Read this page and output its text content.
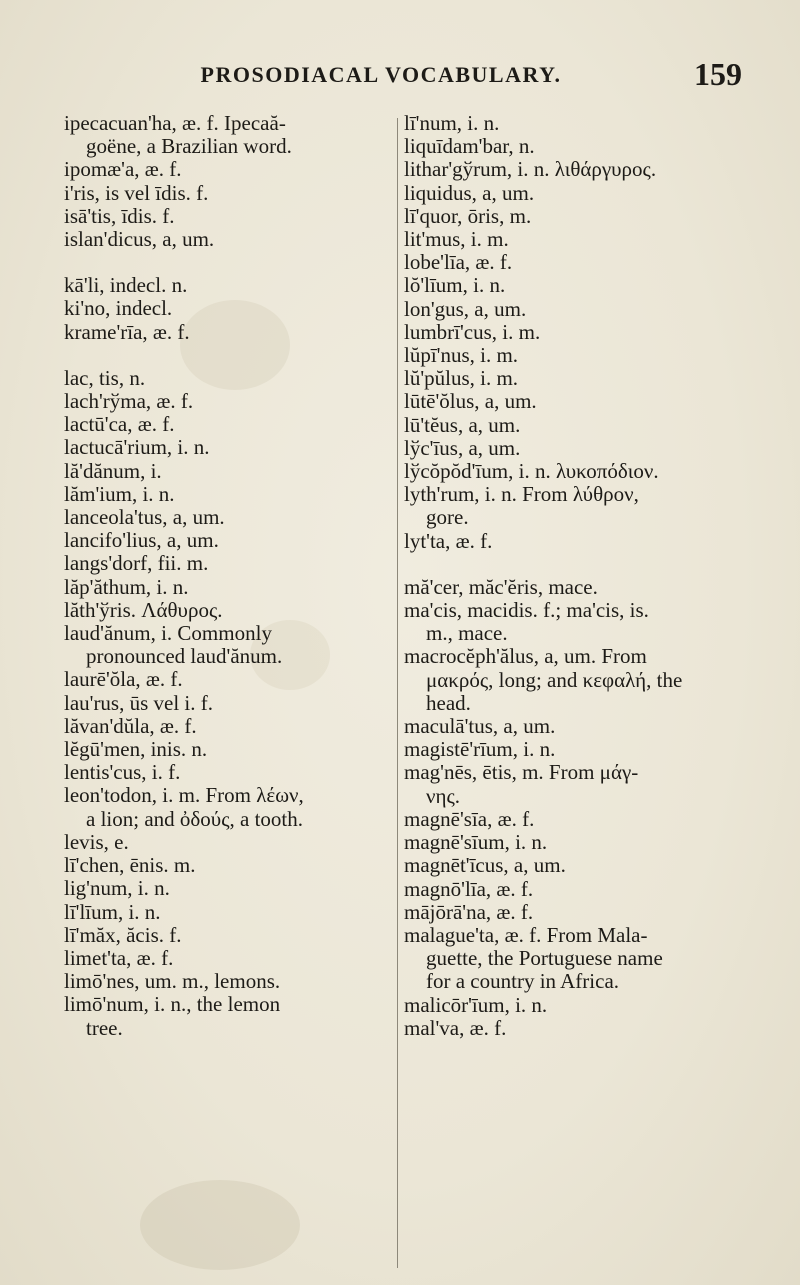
PROSODIACAL VOCABULARY.	159
ipecacuan'ha, æ. f. Ipecaă-
goëne, a Brazilian word.
ipomæ'a, æ. f.
i'ris, is vel īdis. f.
isā'tis, īdis. f.
islan'dicus, a, um.
kā'li, indecl. n.
ki'no, indecl.
krame'rīa, æ. f.
lac, tis, n.
lach'rўma, æ. f.
lactū'ca, æ. f.
lactucā'rium, i. n.
lă'dănum, i.
lăm'ium, i. n.
lanceola'tus, a, um.
lancifo'lius, a, um.
langs'dorf, fii. m.
lăp'ăthum, i. n.
lăth'ўris. Λάθυρος.
laud'ănum, i. Commonly
pronounced laud'ănum.
laurē'ŏla, æ. f.
lau'rus, ūs vel i. f.
lăvan'dŭla, æ. f.
lĕgū'men, inis. n.
lentis'cus, i. f.
leon'todon, i. m. From λέων,
a lion; and ὀδούς, a tooth.
levis, e.
lī'chen, ēnis. m.
lig'num, i. n.
lī'līum, i. n.
lī'măx, ăcis. f.
limet'ta, æ. f.
limō'nes, um. m., lemons.
limō'num, i. n., the lemon
tree.
lī'num, i. n.
liquīdam'bar, n.
lithar'gўrum, i. n. λιθάργυρος.
liquidus, a, um.
lī'quor, ōris, m.
lit'mus, i. m.
lobe'līa, æ. f.
lŏ'līum, i. n.
lon'gus, a, um.
lumbrī'cus, i. m.
lŭpī'nus, i. m.
lŭ'pŭlus, i. m.
lūtē'ŏlus, a, um.
lū'tĕus, a, um.
lўc'īus, a, um.
lўcŏpŏd'īum, i. n. λυκοπόδιον.
lyth'rum, i. n. From λύθρον,
gore.
lyt'ta, æ. f.
mă'cer, măc'ĕris, mace.
ma'cis, macidis. f.; ma'cis, is.
m., mace.
macrocĕph'ălus, a, um. From
μακρός, long; and κεφαλή, the
head.
maculā'tus, a, um.
magistē'rīum, i. n.
mag'nēs, ētis, m. From μάγ-
νης.
magnē'sīa, æ. f.
magnē'sīum, i. n.
magnēt'īcus, a, um.
magnō'līa, æ. f.
mājōrā'na, æ. f.
malague'ta, æ. f. From Mala-
guette, the Portuguese name
for a country in Africa.
malicōr'īum, i. n.
mal'va, æ. f.
